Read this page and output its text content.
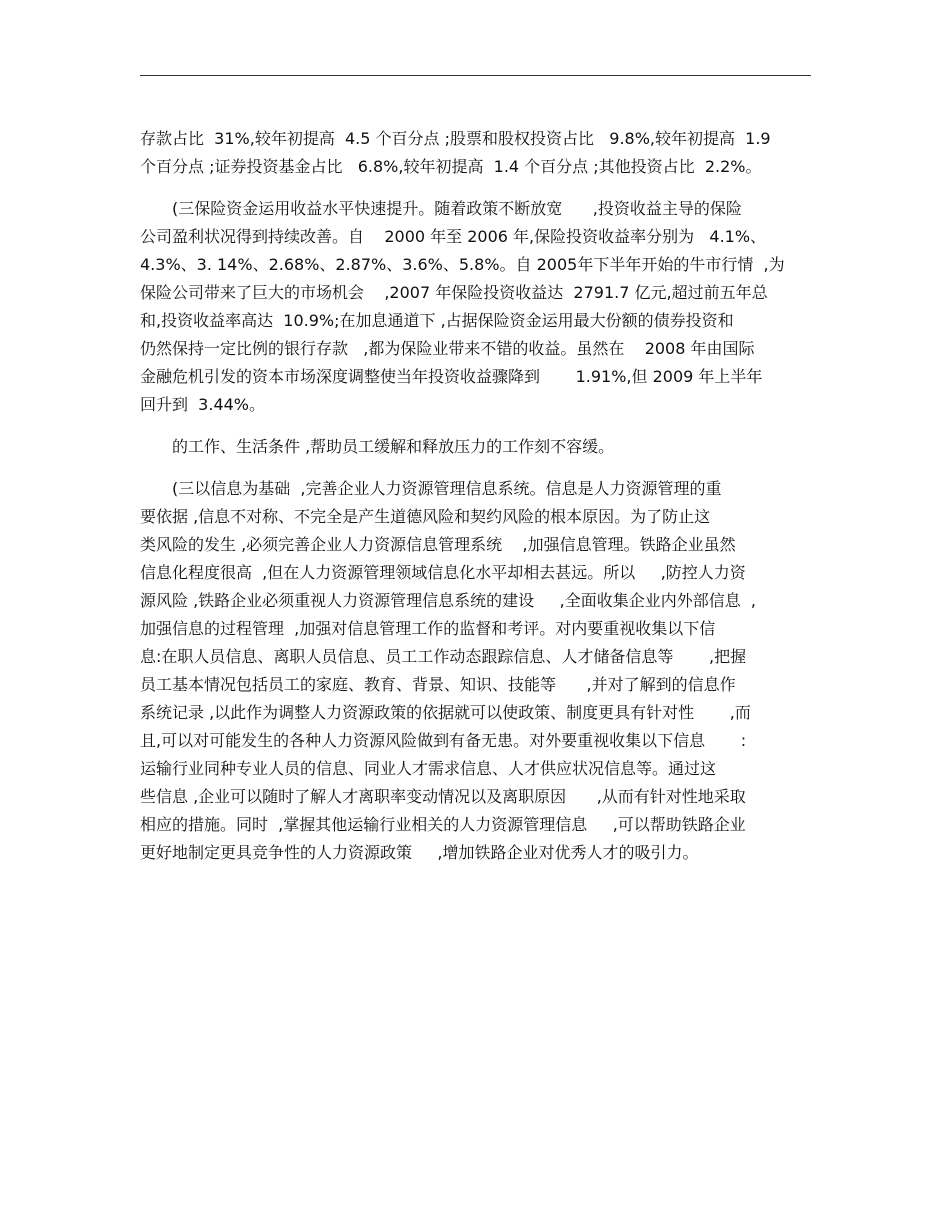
存款占比  31%,较年初提高  4.5 个百分点 ;股票和股权投资占比   9.8%,较年初提高  1.9
个百分点 ;证券投资基金占比   6.8%,较年初提高  1.4 个百分点 ;其他投资占比  2.2%。
(三保险资金运用收益水平快速提升。随着政策不断放宽      ,投资收益主导的保险
公司盈利状况得到持续改善。自    2000 年至 2006 年,保险投资收益率分别为   4.1%、
4.3%、3. 14%、2.68%、2.87%、3.6%、5.8%。自 2005年下半年开始的牛市行情  ,为
保险公司带来了巨大的市场机会    ,2007 年保险投资收益达  2791.7 亿元,超过前五年总
和,投资收益率高达  10.9%;在加息通道下 ,占据保险资金运用最大份额的债券投资和
仍然保持一定比例的银行存款   ,都为保险业带来不错的收益。虽然在    2008 年由国际
金融危机引发的资本市场深度调整使当年投资收益骤降到       1.91%,但 2009 年上半年
回升到  3.44%。
的工作、生活条件 ,帮助员工缓解和释放压力的工作刻不容缓。
(三以信息为基础  ,完善企业人力资源管理信息系统。信息是人力资源管理的重
要依据 ,信息不对称、不完全是产生道德风险和契约风险的根本原因。为了防止这
类风险的发生 ,必须完善企业人力资源信息管理系统    ,加强信息管理。铁路企业虽然
信息化程度很高  ,但在人力资源管理领域信息化水平却相去甚远。所以     ,防控人力资
源风险 ,铁路企业必须重视人力资源管理信息系统的建设     ,全面收集企业内外部信息  ,
加强信息的过程管理  ,加强对信息管理工作的监督和考评。对内要重视收集以下信
息:在职人员信息、离职人员信息、员工工作动态跟踪信息、人才储备信息等       ,把握
员工基本情况包括员工的家庭、教育、背景、知识、技能等      ,并对了解到的信息作
系统记录 ,以此作为调整人力资源政策的依据就可以使政策、制度更具有针对性       ,而
且,可以对可能发生的各种人力资源风险做到有备无患。对外要重视收集以下信息       :
运输行业同种专业人员的信息、同业人才需求信息、人才供应状况信息等。通过这
些信息 ,企业可以随时了解人才离职率变动情况以及离职原因      ,从而有针对性地采取
相应的措施。同时  ,掌握其他运输行业相关的人力资源管理信息     ,可以帮助铁路企业
更好地制定更具竞争性的人力资源政策     ,增加铁路企业对优秀人才的吸引力。
